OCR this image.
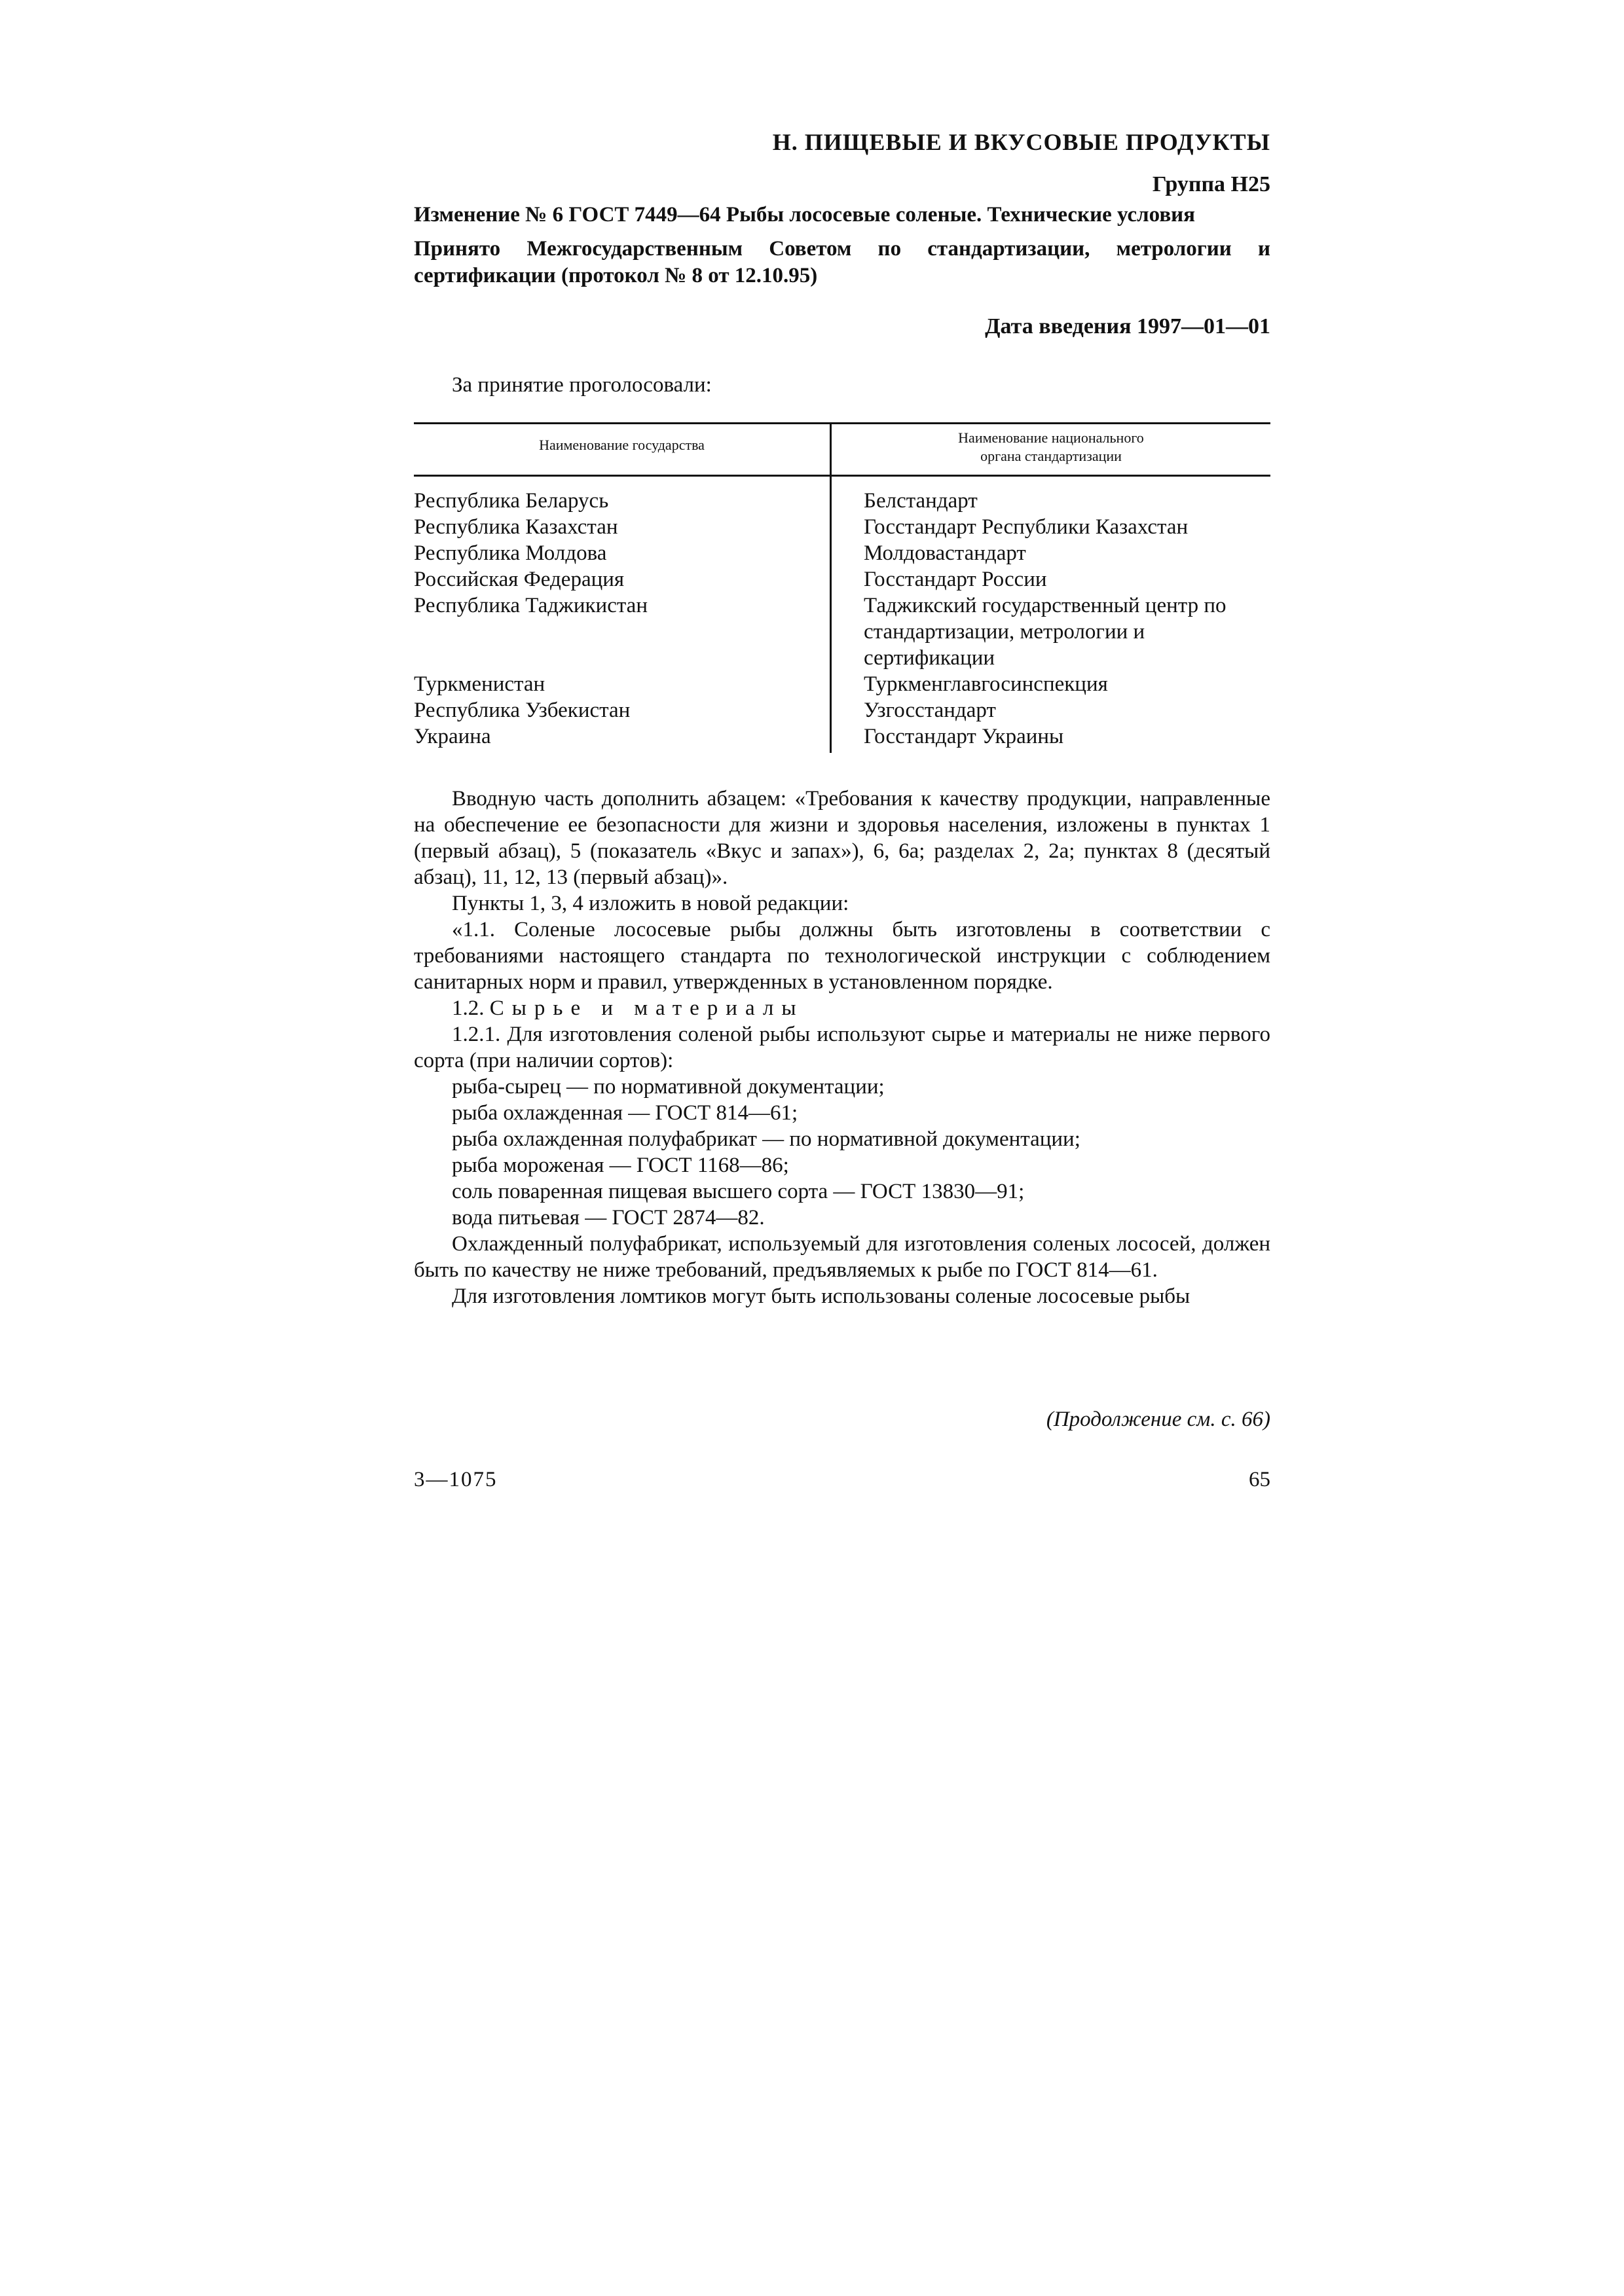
Н. ПИЩЕВЫЕ И ВКУСОВЫЕ ПРОДУКТЫ
Группа Н25
Изменение № 6 ГОСТ 7449—64 Рыбы лососевые соленые. Технические условия
Принято Межгосударственным Советом по стандартизации, метрологии и сертификации (протокол № 8 от 12.10.95)
Дата введения 1997—01—01
За принятие проголосовали:
Наименование государства	Наименование национального
органа стандартизации
Республика Беларусь	Белстандарт
Республика Казахстан	Госстандарт Республики Казахстан
Республика Молдова	Молдовастандарт
Российская Федерация	Госстандарт России
Республика Таджикистан	Таджикский государственный центр по стандартизации, метрологии и сертификации
Туркменистан	Туркменглавгосинспекция
Республика Узбекистан	Узгосстандарт
Украина	Госстандарт Украины

Вводную часть дополнить абзацем: «Требования к качеству продукции, направленные на обеспечение ее безопасности для жизни и здоровья населения, изложены в пунктах 1 (первый абзац), 5 (показатель «Вкус и запах»), 6, 6а; разделах 2, 2а; пунктах 8 (десятый абзац), 11, 12, 13 (первый абзац)».

Пункты 1, 3, 4 изложить в новой редакции:

«1.1. Соленые лососевые рыбы должны быть изготовлены в соответствии с требованиями настоящего стандарта по технологической инструкции с соблюдением санитарных норм и правил, утвержденных в установленном порядке.

1.2. Сырье и материалы

1.2.1. Для изготовления соленой рыбы используют сырье и материалы не ниже первого сорта (при наличии сортов):

рыба-сырец — по нормативной документации;

рыба охлажденная — ГОСТ 814—61;

рыба охлажденная полуфабрикат — по нормативной документации;

рыба мороженая — ГОСТ 1168—86;

соль поваренная пищевая высшего сорта — ГОСТ 13830—91;

вода питьевая — ГОСТ 2874—82.

Охлажденный полуфабрикат, используемый для изготовления соленых лососей, должен быть по качеству не ниже требований, предъявляемых к рыбе по ГОСТ 814—61.

Для изготовления ломтиков могут быть использованы соленые лососевые рыбы

(Продолжение см. с. 66)
3—1075	65
